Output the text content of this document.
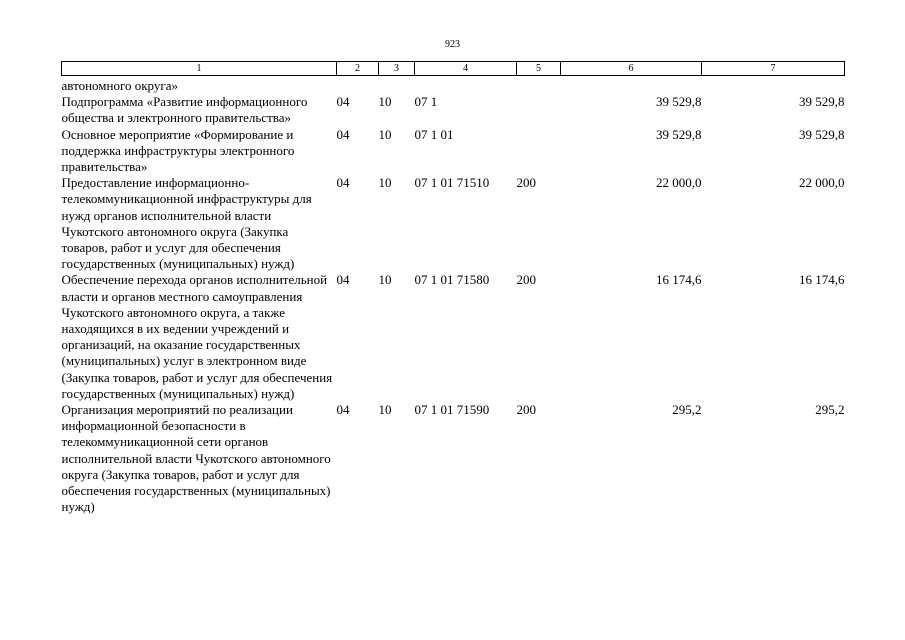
923
1	2	3	4	5	6	7

автономного округа»						
Подпрограмма «Развитие информационного общества и электронного правительства»	04	10	07 1		39 529,8	39 529,8
Основное мероприятие «Формирование и поддержка инфраструктуры электронного правительства»	04	10	07 1 01		39 529,8	39 529,8
Предоставление информационно-телекоммуникационной инфраструктуры для нужд органов исполнительной власти Чукотского автономного округа (Закупка товаров, работ и услуг для обеспечения государственных (муниципальных) нужд)	04	10	07 1 01 71510	200	22 000,0	22 000,0
Обеспечение перехода органов исполнительной власти и органов местного самоуправления Чукотского автономного округа, а также находящихся в их ведении учреждений и организаций, на оказание государственных (муниципальных) услуг в электронном виде (Закупка товаров, работ и услуг для обеспечения государственных (муниципальных) нужд)	04	10	07 1 01 71580	200	16 174,6	16 174,6
Организация мероприятий по реализации информационной безопасности в телекоммуникационной сети органов исполнительной власти Чукотского автономного округа (Закупка товаров, работ и услуг для обеспечения государственных (муниципальных) нужд)	04	10	07 1 01 71590	200	295,2	295,2
